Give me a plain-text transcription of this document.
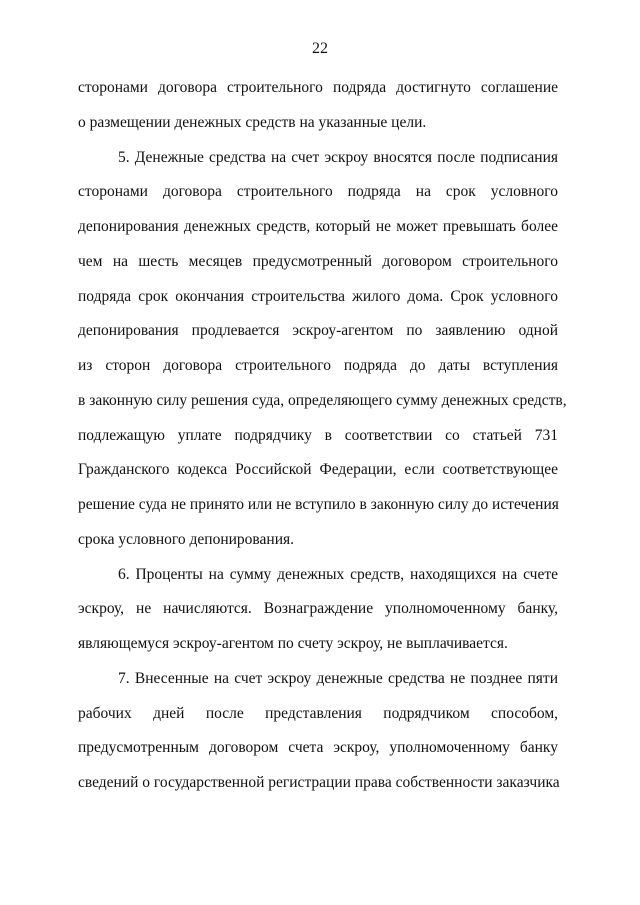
22
сторонами договора строительного подряда достигнуто соглашение
о размещении денежных средств на указанные цели.
5. Денежные средства на счет эскроу вносятся после подписания
сторонами договора строительного подряда на срок условного
депонирования денежных средств, который не может превышать более
чем на шесть месяцев предусмотренный договором строительного
подряда срок окончания строительства жилого дома. Срок условного
депонирования продлевается эскроу-агентом по заявлению одной
из сторон договора строительного подряда до даты вступления
в законную силу решения суда, определяющего сумму денежных средств,
подлежащую уплате подрядчику в соответствии со статьей 731
Гражданского кодекса Российской Федерации, если соответствующее
решение суда не принято или не вступило в законную силу до истечения
срока условного депонирования.
6. Проценты на сумму денежных средств, находящихся на счете
эскроу, не начисляются. Вознаграждение уполномоченному банку,
являющемуся эскроу-агентом по счету эскроу, не выплачивается.
7. Внесенные на счет эскроу денежные средства не позднее пяти
рабочих дней после представления подрядчиком способом,
предусмотренным договором счета эскроу, уполномоченному банку
сведений о государственной регистрации права собственности заказчика
